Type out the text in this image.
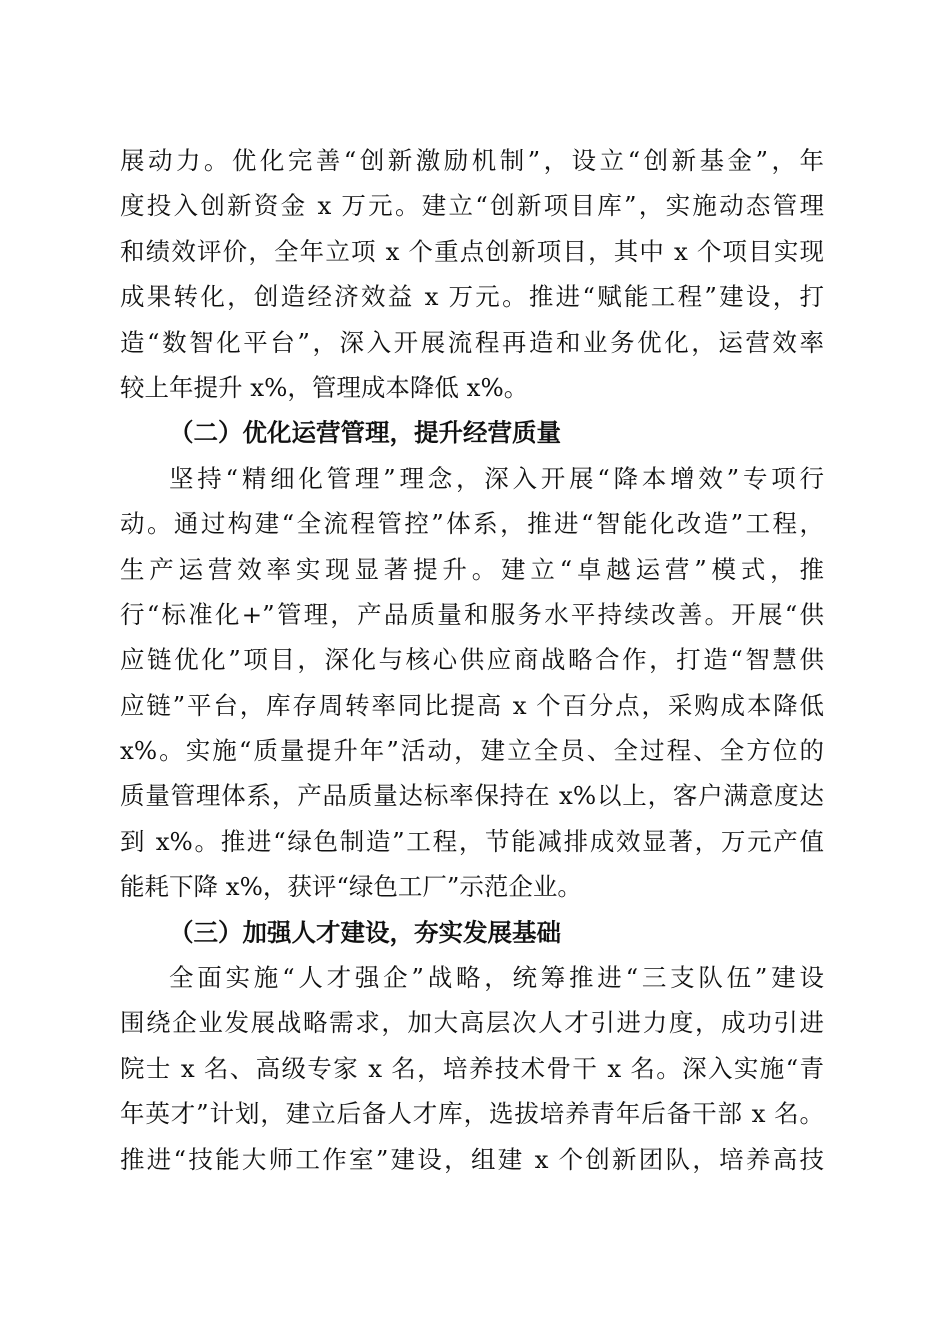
展动力。优化完善“创新激励机制”，设立“创新基金”，年
度投入创新资金 x 万元。建立“创新项目库”，实施动态管理
和绩效评价，全年立项 x 个重点创新项目，其中 x 个项目实现
成果转化，创造经济效益 x 万元。推进“赋能工程”建设，打
造“数智化平台”，深入开展流程再造和业务优化，运营效率
较上年提升 x%，管理成本降低 x%。
（二）优化运营管理，提升经营质量
坚持“精细化管理”理念，深入开展“降本增效”专项行
动。通过构建“全流程管控”体系，推进“智能化改造”工程，
生产运营效率实现显著提升。建立“卓越运营”模式，推
行“标准化+”管理，产品质量和服务水平持续改善。开展“供
应链优化”项目，深化与核心供应商战略合作，打造“智慧供
应链”平台，库存周转率同比提高 x 个百分点，采购成本降低
x%。实施“质量提升年”活动，建立全员、全过程、全方位的
质量管理体系，产品质量达标率保持在 x%以上，客户满意度达
到 x%。推进“绿色制造”工程，节能减排成效显著，万元产值
能耗下降 x%，获评“绿色工厂”示范企业。
（三）加强人才建设，夯实发展基础
全面实施“人才强企”战略，统筹推进“三支队伍”建设
围绕企业发展战略需求，加大高层次人才引进力度，成功引进
院士 x 名、高级专家 x 名，培养技术骨干 x 名。深入实施“青
年英才”计划，建立后备人才库，选拔培养青年后备干部 x 名。
推进“技能大师工作室”建设，组建 x 个创新团队，培养高技
